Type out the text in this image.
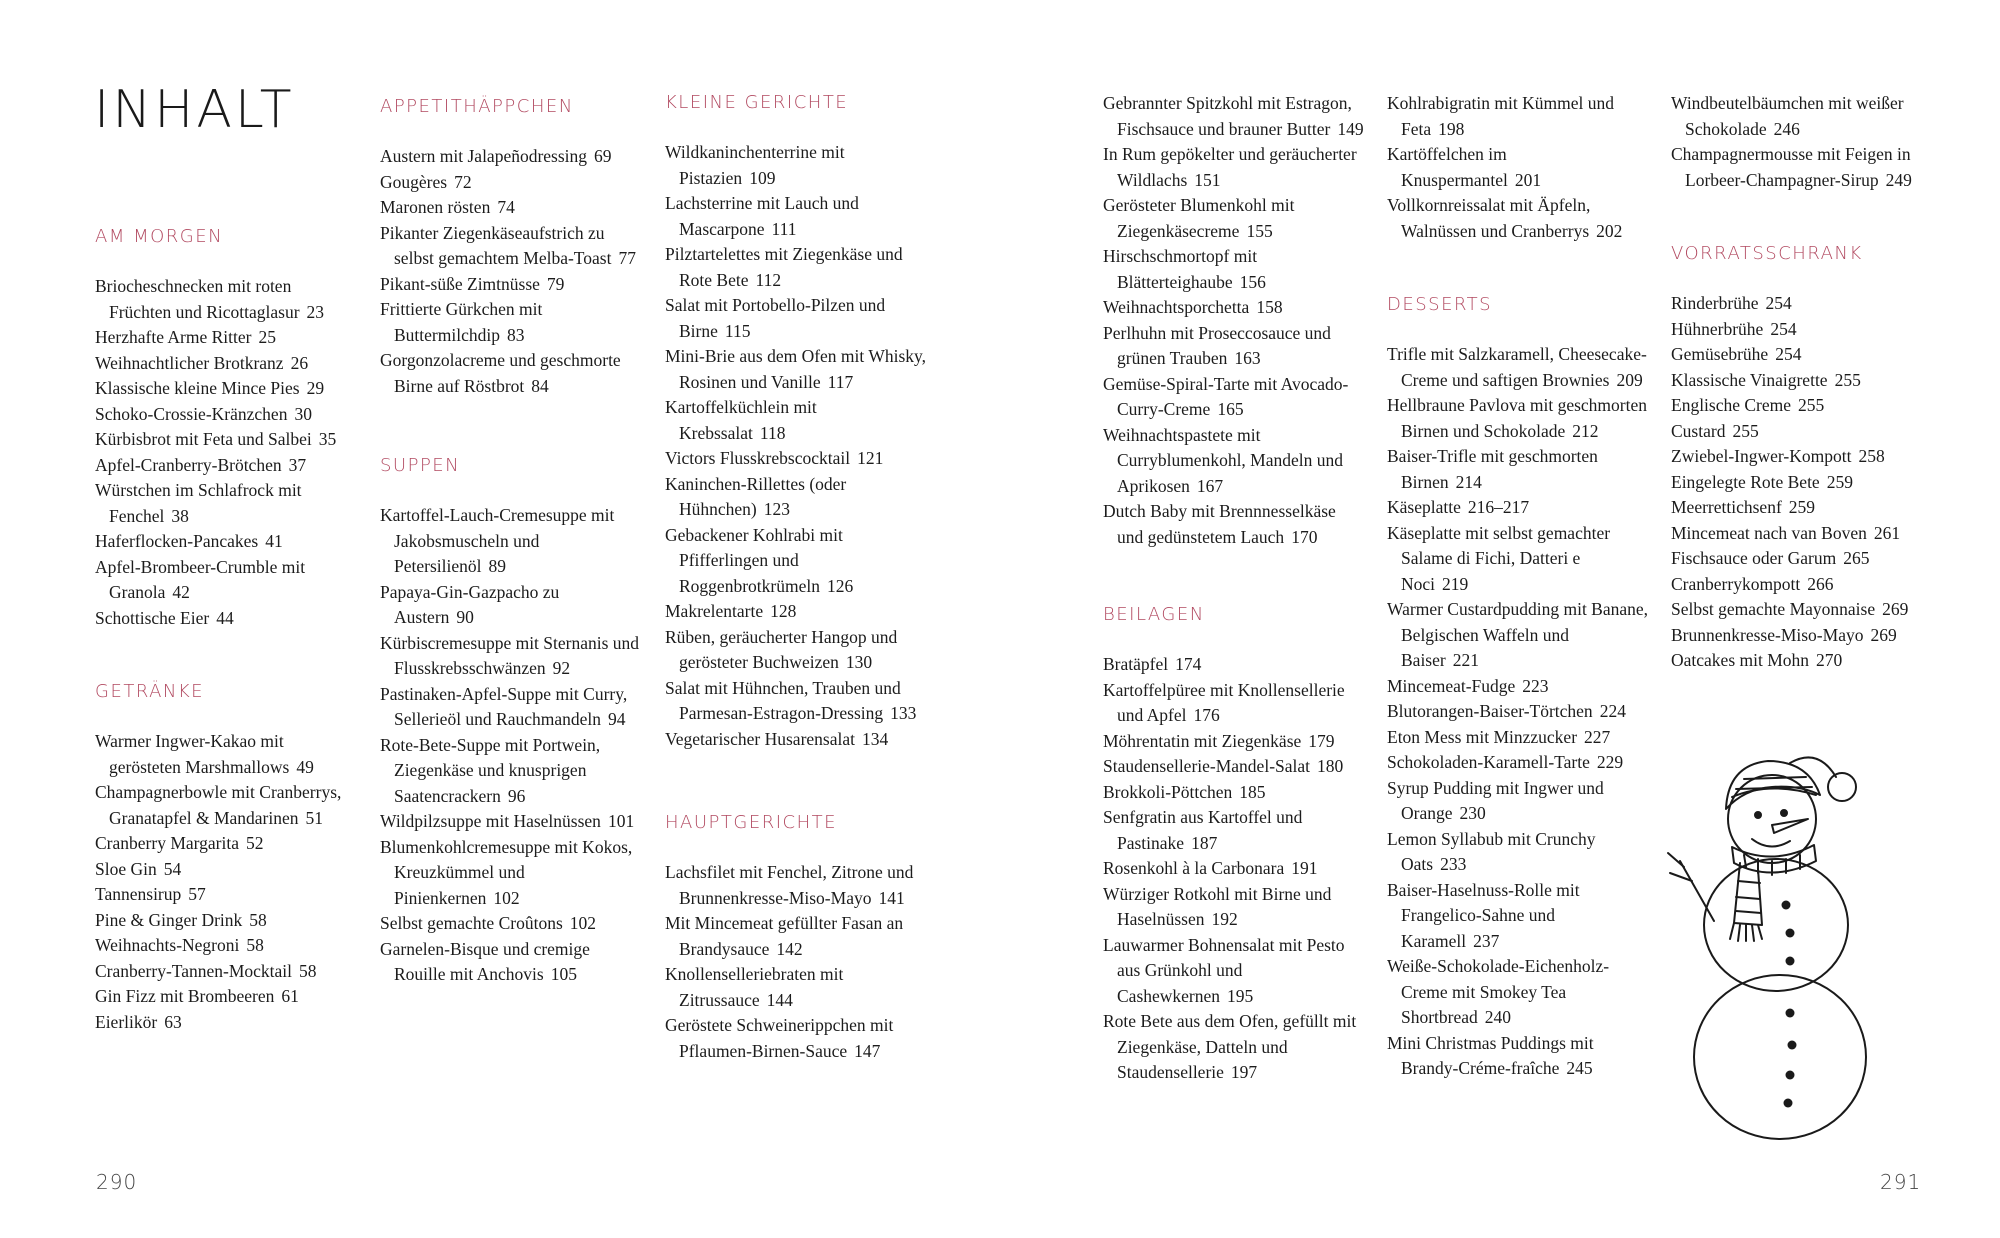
INHALT
AM MORGEN
Briocheschnecken mit roten Früchten und Ricottaglasur 23
Herzhafte Arme Ritter 25
Weihnachtlicher Brotkranz 26
Klassische kleine Mince Pies 29
Schoko-Crossie-Kränzchen 30
Kürbisbrot mit Feta und Salbei 35
Apfel-Cranberry-Brötchen 37
Würstchen im Schlafrock mit Fenchel 38
Haferflocken-Pancakes 41
Apfel-Brombeer-Crumble mit Granola 42
Schottische Eier 44
GETRÄNKE
Warmer Ingwer-Kakao mit gerösteten Marshmallows 49
Champagnerbowle mit Cranberrys, Granatapfel & Mandarinen 51
Cranberry Margarita 52
Sloe Gin 54
Tannensirup 57
Pine & Ginger Drink 58
Weihnachts-Negroni 58
Cranberry-Tannen-Mocktail 58
Gin Fizz mit Brombeeren 61
Eierlikör 63
APPETITHÄPPCHEN
Austern mit Jalapeñodressing 69
Gougères 72
Maronen rösten 74
Pikanter Ziegenkäseaufstrich zu selbst gemachtem Melba-Toast 77
Pikant-süße Zimtnüsse 79
Frittierte Gürkchen mit Buttermilchdip 83
Gorgonzolacreme und geschmorte Birne auf Röstbrot 84
SUPPEN
Kartoffel-Lauch-Cremesuppe mit Jakobsmuscheln und Petersilienöl 89
Papaya-Gin-Gazpacho zu Austern 90
Kürbiscremesuppe mit Sternanis und Flusskrebsschwänzen 92
Pastinaken-Apfel-Suppe mit Curry, Sellerieöl und Rauchmandeln 94
Rote-Bete-Suppe mit Portwein, Ziegenkäse und knusprigen Saatencrackern 96
Wildpilzsuppe mit Haselnüssen 101
Blumenkohlcremesuppe mit Kokos, Kreuzkümmel und Pinienkernen 102
Selbst gemachte Croûtons 102
Garnelen-Bisque und cremige Rouille mit Anchovis 105
KLEINE GERICHTE
Wildkaninchenterrine mit Pistazien 109
Lachsterrine mit Lauch und Mascarpone 111
Pilztartelettes mit Ziegenkäse und Rote Bete 112
Salat mit Portobello-Pilzen und Birne 115
Mini-Brie aus dem Ofen mit Whisky, Rosinen und Vanille 117
Kartoffelküchlein mit Krebssalat 118
Victors Flusskrebscocktail 121
Kaninchen-Rillettes (oder Hühnchen) 123
Gebackener Kohlrabi mit Pfifferlingen und Roggenbrotkrümeln 126
Makrelentarte 128
Rüben, geräucherter Hangop und gerösteter Buchweizen 130
Salat mit Hühnchen, Trauben und Parmesan-Estragon-Dressing 133
Vegetarischer Husarensalat 134
HAUPTGERICHTE
Lachsfilet mit Fenchel, Zitrone und Brunnenkresse-Miso-Mayo 141
Mit Mincemeat gefüllter Fasan an Brandysauce 142
Knollenselleriebraten mit Zitrussauce 144
Geröstete Schweinerippchen mit Pflaumen-Birnen-Sauce 147
Gebrannter Spitzkohl mit Estragon, Fischsauce und brauner Butter 149
In Rum gepökelter und geräucherter Wildlachs 151
Gerösteter Blumenkohl mit Ziegenkäsecreme 155
Hirschschmortopf mit Blätterteighaube 156
Weihnachtsporchetta 158
Perlhuhn mit Proseccosauce und grünen Trauben 163
Gemüse-Spiral-Tarte mit Avocado-Curry-Creme 165
Weihnachtspastete mit Curryblumenkohl, Mandeln und Aprikosen 167
Dutch Baby mit Brennnesselkäse und gedünstetem Lauch 170
BEILAGEN
Bratäpfel 174
Kartoffelpüree mit Knollensellerie und Apfel 176
Möhrentatin mit Ziegenkäse 179
Staudensellerie-Mandel-Salat 180
Brokkoli-Pöttchen 185
Senfgratin aus Kartoffel und Pastinake 187
Rosenkohl à la Carbonara 191
Würziger Rotkohl mit Birne und Haselnüssen 192
Lauwarmer Bohnensalat mit Pesto aus Grünkohl und Cashewkernen 195
Rote Bete aus dem Ofen, gefüllt mit Ziegenkäse, Datteln und Staudensellerie 197
Kohlrabigratin mit Kümmel und Feta 198
Kartöffelchen im Knuspermantel 201
Vollkornreissalat mit Äpfeln, Walnüssen und Cranberrys 202
DESSERTS
Trifle mit Salzkaramell, Cheesecake-Creme und saftigen Brownies 209
Hellbraune Pavlova mit geschmorten Birnen und Schokolade 212
Baiser-Trifle mit geschmorten Birnen 214
Käseplatte 216–217
Käseplatte mit selbst gemachter Salame di Fichi, Datteri e Noci 219
Warmer Custardpudding mit Banane, Belgischen Waffeln und Baiser 221
Mincemeat-Fudge 223
Blutorangen-Baiser-Törtchen 224
Eton Mess mit Minzzucker 227
Schokoladen-Karamell-Tarte 229
Syrup Pudding mit Ingwer und Orange 230
Lemon Syllabub mit Crunchy Oats 233
Baiser-Haselnuss-Rolle mit Frangelico-Sahne und Karamell 237
Weiße-Schokolade-Eichenholz-Creme mit Smokey Tea Shortbread 240
Mini Christmas Puddings mit Brandy-Créme-fraîche 245
Windbeutelbäumchen mit weißer Schokolade 246
Champagnermousse mit Feigen in Lorbeer-Champagner-Sirup 249
VORRATSSCHRANK
Rinderbrühe 254
Hühnerbrühe 254
Gemüsebrühe 254
Klassische Vinaigrette 255
Englische Creme 255
Custard 255
Zwiebel-Ingwer-Kompott 258
Eingelegte Rote Bete 259
Meerrettichsenf 259
Mincemeat nach van Boven 261
Fischsauce oder Garum 265
Cranberrykompott 266
Selbst gemachte Mayonnaise 269
Brunnenkresse-Miso-Mayo 269
Oatcakes mit Mohn 270
290	291
